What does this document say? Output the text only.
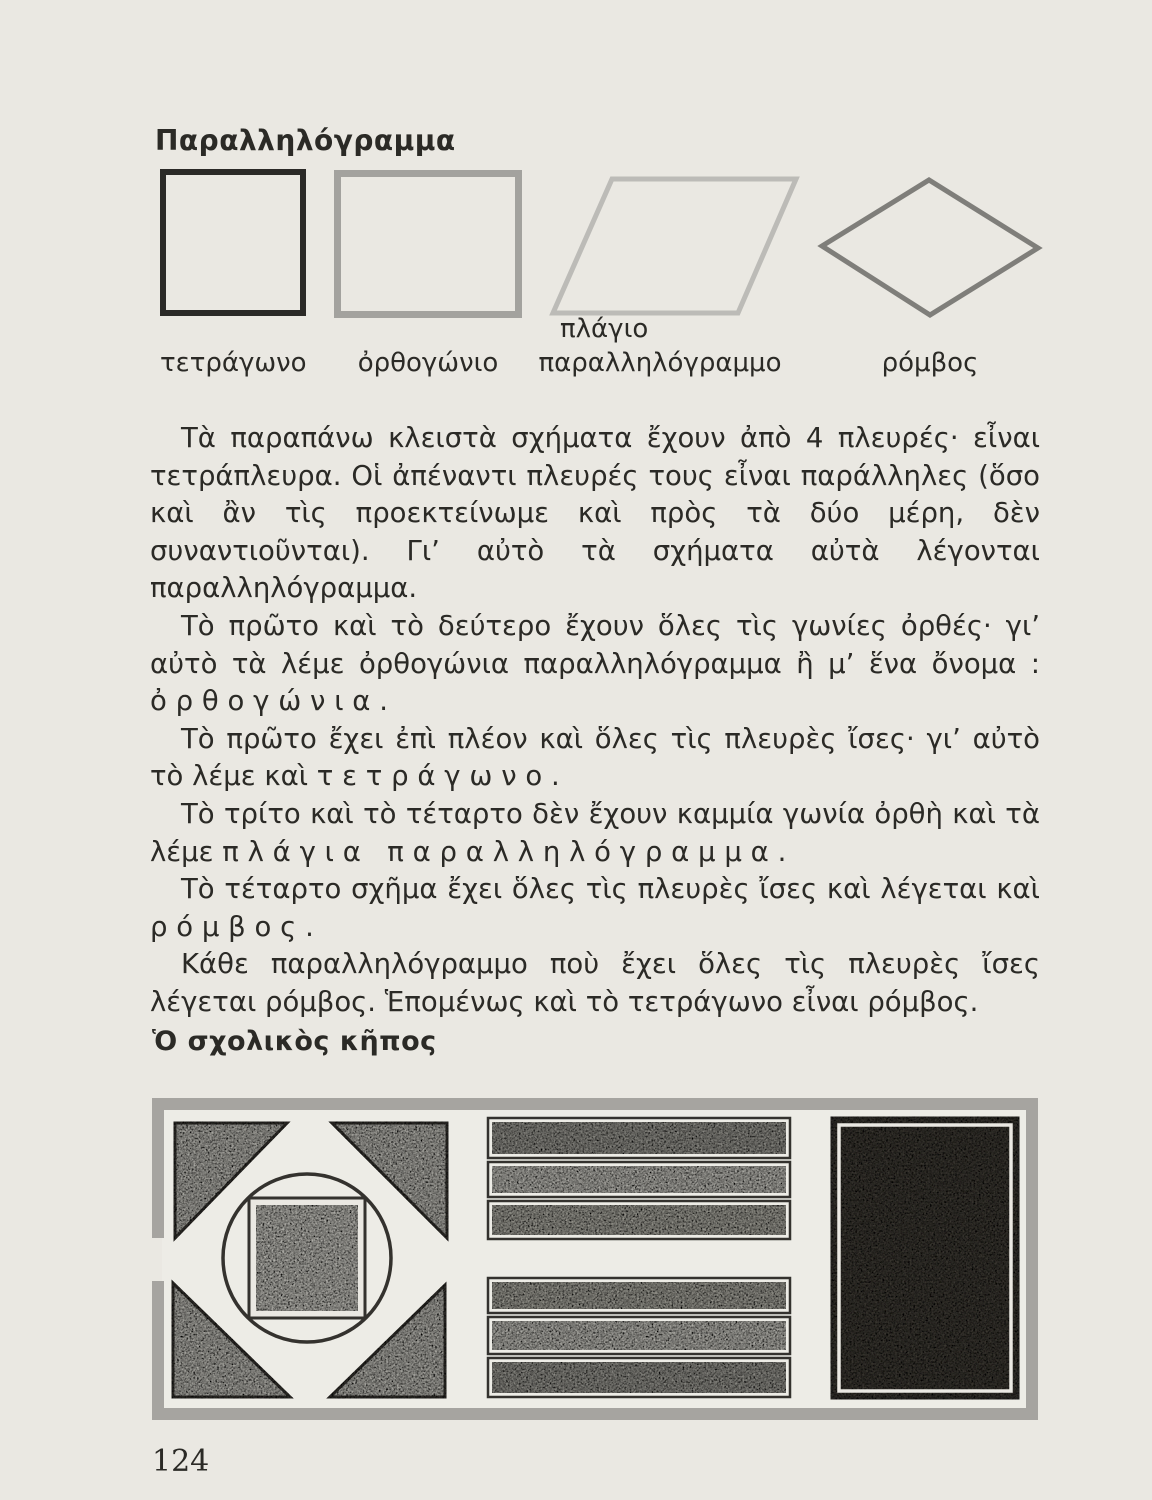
Παραλληλόγραμμα
τετράγωνο	ὀρθογώνιο
πλάγιο
παραλληλόγραμμο	ρόμβος

Τὰ παραπάνω κλειστὰ σχήματα ἔχουν ἀπὸ 4 πλευρές· εἶναι τετράπλευρα. Οἱ ἀπέναντι πλευρές τους εἶναι παράλληλες (ὅσο καὶ ἂν τὶς προεκτείνωμε καὶ πρὸς τὰ δύο μέρη, δὲν συναντιοῦνται). Γι’ αὐτὸ τὰ σχήματα αὐτὰ λέγονται παραλληλόγραμμα.

Τὸ πρῶτο καὶ τὸ δεύτερο ἔχουν ὅλες τὶς γωνίες ὀρθές· γι’ αὐτὸ τὰ λέμε ὀρθογώνια παραλληλόγραμμα ἢ μ’ ἕνα ὄνομα : ὀρθογώνια.

Τὸ πρῶτο ἔχει ἐπὶ πλέον καὶ ὅλες τὶς πλευρὲς ἴσες· γι’ αὐτὸ τὸ λέμε καὶ τετράγωνο.

Τὸ τρίτο καὶ τὸ τέταρτο δὲν ἔχουν καμμία γωνία ὀρθὴ καὶ τὰ λέμε πλάγια παραλληλόγραμμα.

Τὸ τέταρτο σχῆμα ἔχει ὅλες τὶς πλευρὲς ἴσες καὶ λέγεται καὶ ρόμβος.

Κάθε παραλληλόγραμμο ποὺ ἔχει ὅλες τὶς πλευρὲς ἴσες λέγεται ρόμβος. Ἑπομένως καὶ τὸ τετράγωνο εἶναι ρόμβος.

Ὁ σχολικὸς κῆπος
124
